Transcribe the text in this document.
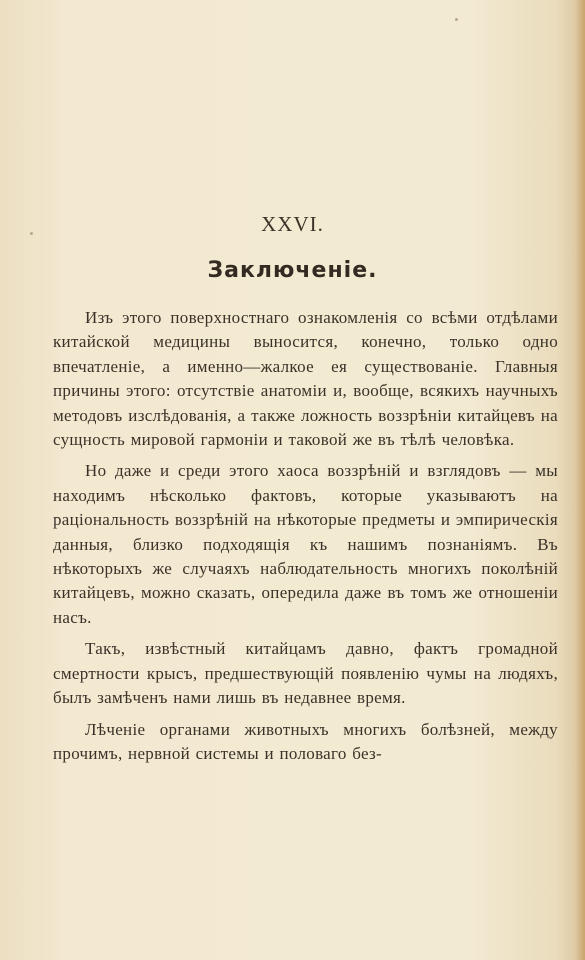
XXVI.
Заключеніе.

Изъ этого поверхностнаго ознакомленія со всѣми отдѣлами китайской медицины выносится, конечно, только одно впечатленіе, а именно—жалкое ея существованіе. Главныя причины этого: отсутствіе анатоміи и, вообще, всякихъ научныхъ методовъ изслѣдованія, а также ложность воззрѣніи китайцевъ на сущность мировой гармоніи и таковой же въ тѣлѣ человѣка.

Но даже и среди этого хаоса воззрѣній и взглядовъ — мы находимъ нѣсколько фактовъ, которые указываютъ на раціональность воззрѣній на нѣкоторые предметы и эмпирическія данныя, близко подходящія къ нашимъ познаніямъ. Въ нѣкоторыхъ же случаяхъ наблюдательность многихъ поколѣній китайцевъ, можно сказать, опередила даже въ томъ же отношеніи насъ.

Такъ, извѣстный китайцамъ давно, фактъ громадной смертности крысъ, предшествующій появленію чумы на людяхъ, былъ замѣченъ нами лишь въ недавнее время.

Лѣченіе органами животныхъ многихъ болѣзней, между прочимъ, нервной системы и половаго без-
